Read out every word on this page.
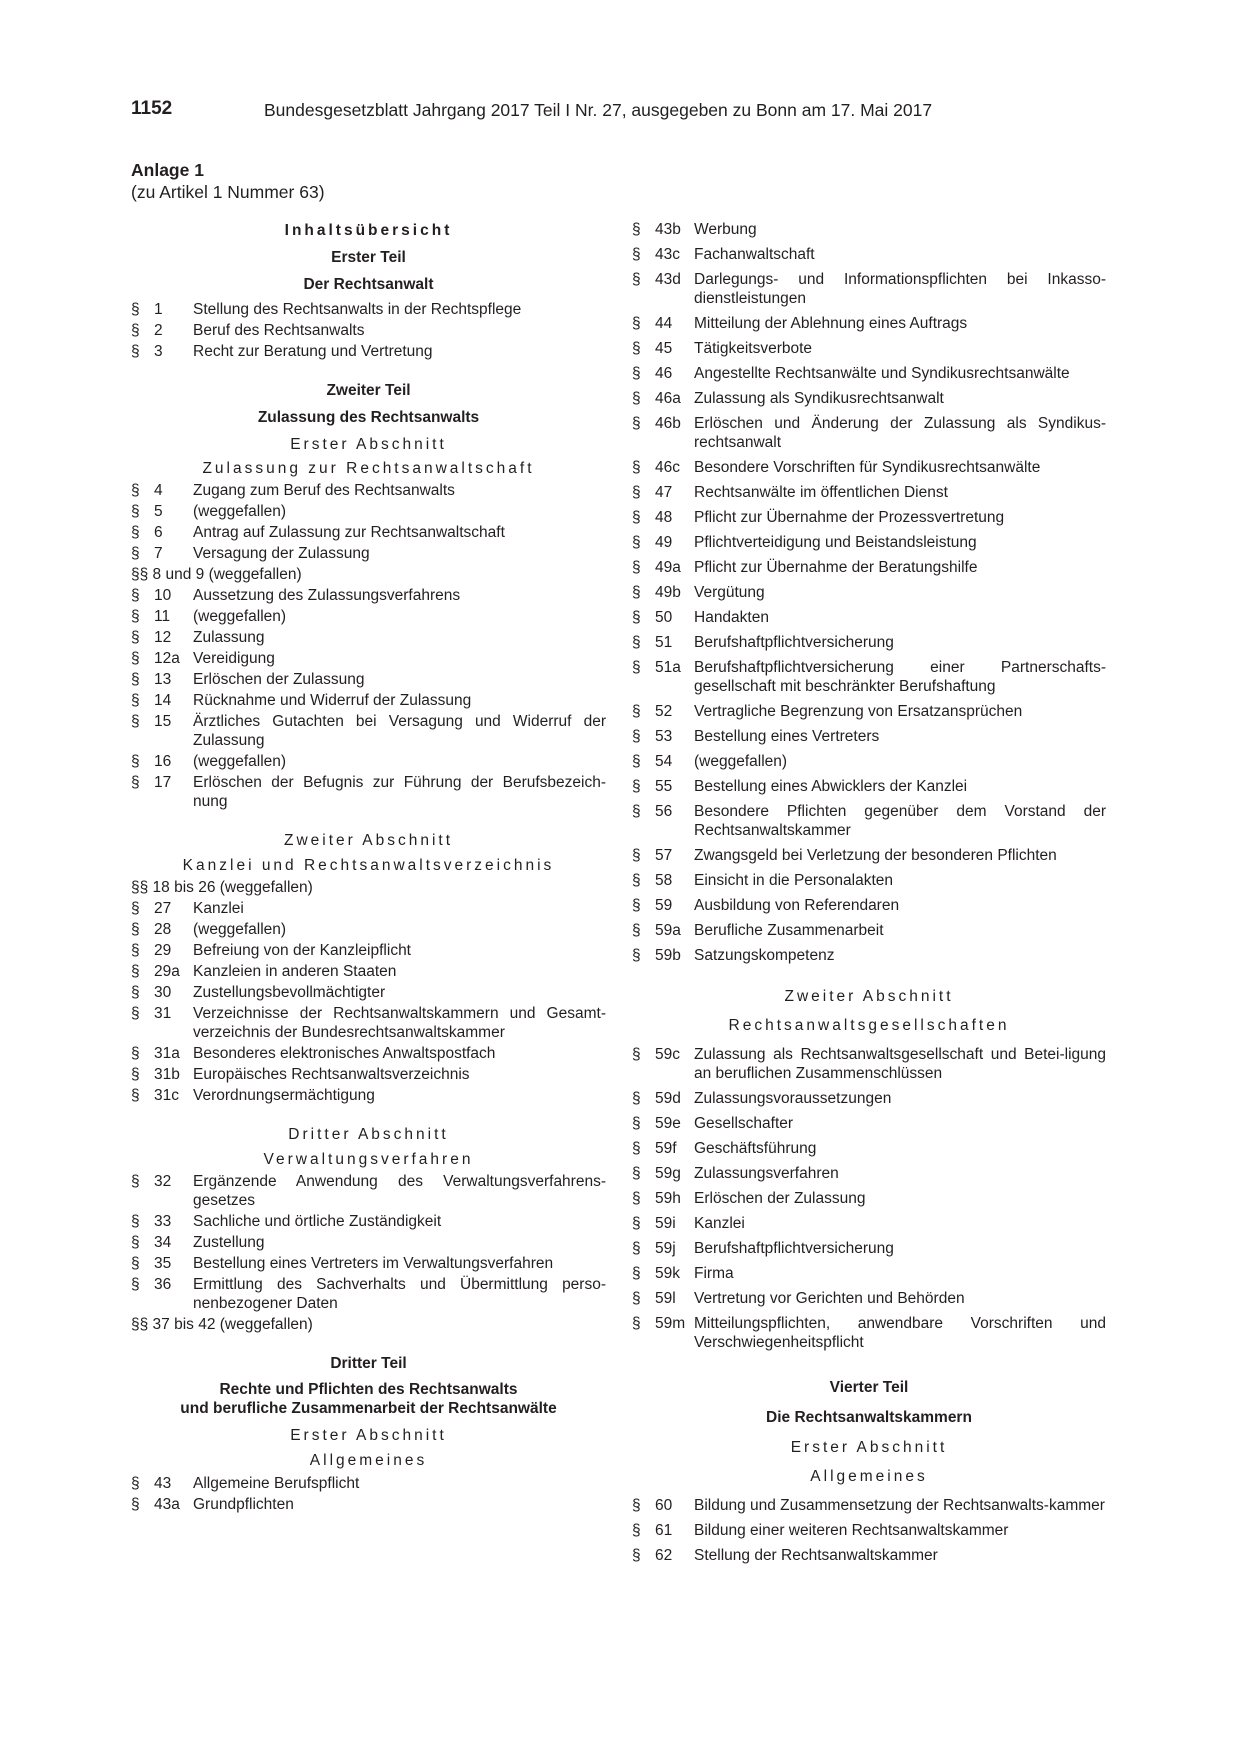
1152	Bundesgesetzblatt Jahrgang 2017 Teil I Nr. 27, ausgegeben zu Bonn am 17. Mai 2017
Anlage 1
(zu Artikel 1 Nummer 63)
Inhaltsübersicht
Erster Teil
Der Rechtsanwalt
§ 1	Stellung des Rechtsanwalts in der Rechtspflege
§ 2	Beruf des Rechtsanwalts
§ 3	Recht zur Beratung und Vertretung
Zweiter Teil
Zulassung des Rechtsanwalts
Erster Abschnitt
Zulassung zur Rechtsanwaltschaft
§ 4	Zugang zum Beruf des Rechtsanwalts
§ 5	(weggefallen)
§ 6	Antrag auf Zulassung zur Rechtsanwaltschaft
§ 7	Versagung der Zulassung
§§ 8 und 9 (weggefallen)
§ 10	Aussetzung des Zulassungsverfahrens
§ 11	(weggefallen)
§ 12	Zulassung
§ 12a Vereidigung
§ 13	Erlöschen der Zulassung
§ 14	Rücknahme und Widerruf der Zulassung
§ 15	Ärztliches Gutachten bei Versagung und Widerruf der Zulassung
§ 16	(weggefallen)
§ 17	Erlöschen der Befugnis zur Führung der Berufsbezeich-nung
Zweiter Abschnitt
Kanzlei und Rechtsanwaltsverzeichnis
§§ 18 bis 26 (weggefallen)
§ 27	Kanzlei
§ 28	(weggefallen)
§ 29	Befreiung von der Kanzleipflicht
§ 29a Kanzleien in anderen Staaten
§ 30	Zustellungsbevollmächtigter
§ 31	Verzeichnisse der Rechtsanwaltskammern und Gesamt-verzeichnis der Bundesrechtsanwaltskammer
§ 31a Besonderes elektronisches Anwaltspostfach
§ 31b Europäisches Rechtsanwaltsverzeichnis
§ 31c Verordnungsermächtigung
Dritter Abschnitt
Verwaltungsverfahren
§ 32	Ergänzende Anwendung des Verwaltungsverfahrens-gesetzes
§ 33	Sachliche und örtliche Zuständigkeit
§ 34	Zustellung
§ 35	Bestellung eines Vertreters im Verwaltungsverfahren
§ 36	Ermittlung des Sachverhalts und Übermittlung perso-nenbezogener Daten
§§ 37 bis 42 (weggefallen)
Dritter Teil
Rechte und Pflichten des Rechtsanwalts
und berufliche Zusammenarbeit der Rechtsanwälte
Erster Abschnitt
Allgemeines
§ 43	Allgemeine Berufspflicht
§ 43a Grundpflichten
§ 43b Werbung
§ 43c Fachanwaltschaft
§ 43d Darlegungs- und Informationspflichten bei Inkasso-dienstleistungen
§ 44	Mitteilung der Ablehnung eines Auftrags
§ 45	Tätigkeitsverbote
§ 46	Angestellte Rechtsanwälte und Syndikusrechtsanwälte
§ 46a Zulassung als Syndikusrechtsanwalt
§ 46b Erlöschen und Änderung der Zulassung als Syndikus-rechtsanwalt
§ 46c Besondere Vorschriften für Syndikusrechtsanwälte
§ 47	Rechtsanwälte im öffentlichen Dienst
§ 48	Pflicht zur Übernahme der Prozessvertretung
§ 49	Pflichtverteidigung und Beistandsleistung
§ 49a Pflicht zur Übernahme der Beratungshilfe
§ 49b Vergütung
§ 50	Handakten
§ 51	Berufshaftpflichtversicherung
§ 51a Berufshaftpflichtversicherung einer Partnerschafts-gesellschaft mit beschränkter Berufshaftung
§ 52	Vertragliche Begrenzung von Ersatzansprüchen
§ 53	Bestellung eines Vertreters
§ 54	(weggefallen)
§ 55	Bestellung eines Abwicklers der Kanzlei
§ 56	Besondere Pflichten gegenüber dem Vorstand der Rechtsanwaltskammer
§ 57	Zwangsgeld bei Verletzung der besonderen Pflichten
§ 58	Einsicht in die Personalakten
§ 59	Ausbildung von Referendaren
§ 59a Berufliche Zusammenarbeit
§ 59b Satzungskompetenz
Zweiter Abschnitt
Rechtsanwaltsgesellschaften
§ 59c Zulassung als Rechtsanwaltsgesellschaft und Betei-ligung an beruflichen Zusammenschlüssen
§ 59d Zulassungsvoraussetzungen
§ 59e Gesellschafter
§ 59f	Geschäftsführung
§ 59g Zulassungsverfahren
§ 59h Erlöschen der Zulassung
§ 59i	Kanzlei
§ 59j	Berufshaftpflichtversicherung
§ 59k Firma
§ 59l	Vertretung vor Gerichten und Behörden
§ 59m Mitteilungspflichten, anwendbare Vorschriften und Verschwiegenheitspflicht
Vierter Teil
Die Rechtsanwaltskammern
Erster Abschnitt
Allgemeines
§ 60	Bildung und Zusammensetzung der Rechtsanwalts-kammer
§ 61	Bildung einer weiteren Rechtsanwaltskammer
§ 62	Stellung der Rechtsanwaltskammer
